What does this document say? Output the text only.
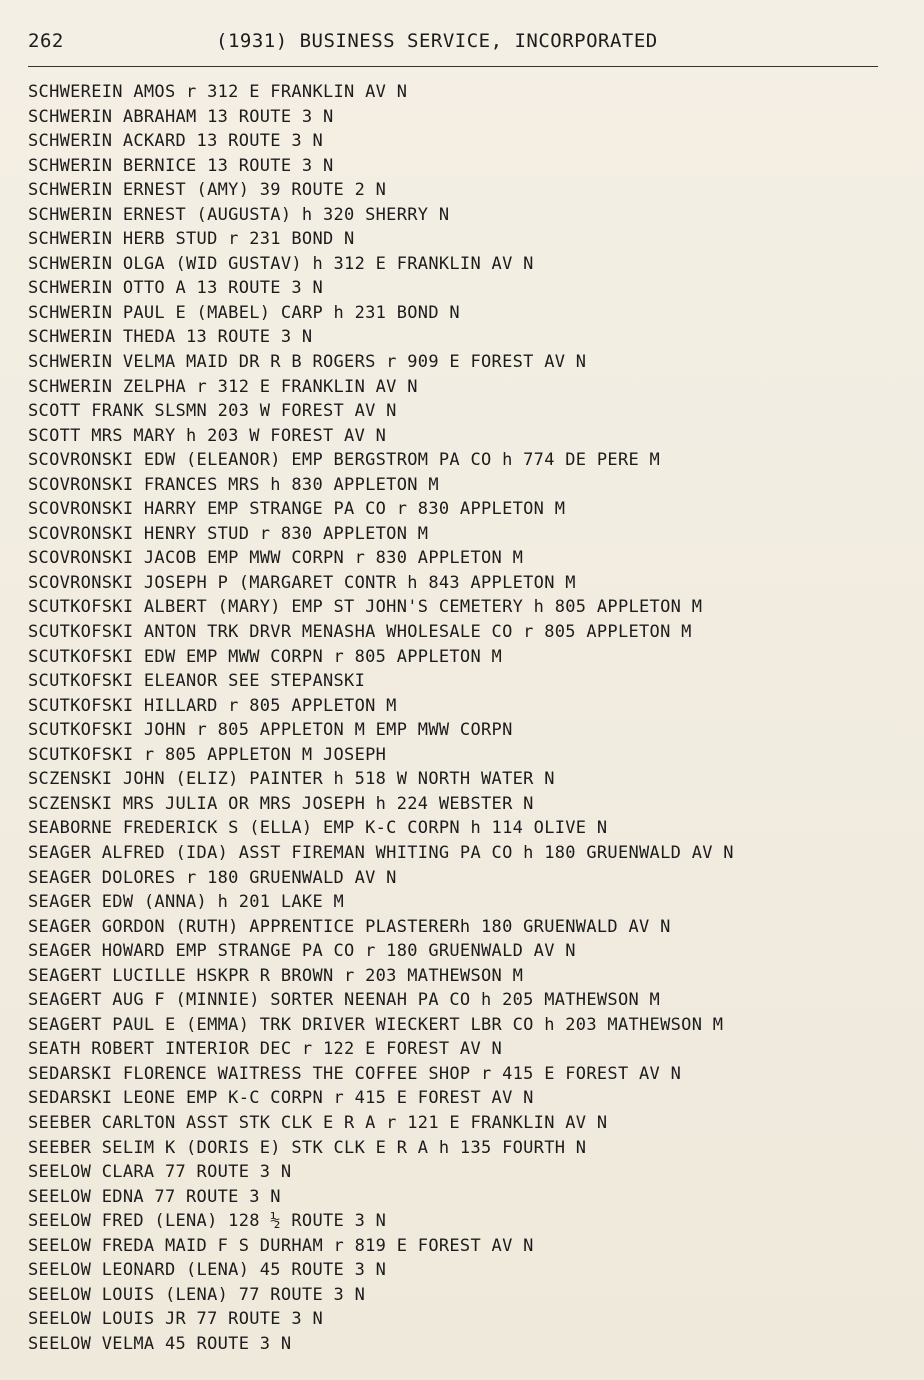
262	(1931) BUSINESS SERVICE, INCORPORATED
SCHWEREIN AMOS r 312 E FRANKLIN AV N
SCHWERIN ABRAHAM 13 ROUTE 3 N
SCHWERIN ACKARD 13 ROUTE 3 N
SCHWERIN BERNICE 13 ROUTE 3 N
SCHWERIN ERNEST (AMY) 39 ROUTE 2 N
SCHWERIN ERNEST (AUGUSTA) h 320 SHERRY N
SCHWERIN HERB STUD r 231 BOND N
SCHWERIN OLGA (WID GUSTAV) h 312 E FRANKLIN AV N
SCHWERIN OTTO A 13 ROUTE 3 N
SCHWERIN PAUL E (MABEL) CARP h 231 BOND N
SCHWERIN THEDA 13 ROUTE 3 N
SCHWERIN VELMA MAID DR R B ROGERS r 909 E FOREST AV N
SCHWERIN ZELPHA r 312 E FRANKLIN AV N
SCOTT FRANK SLSMN 203 W FOREST AV N
SCOTT MRS MARY h 203 W FOREST AV N
SCOVRONSKI EDW (ELEANOR) EMP BERGSTROM PA CO h 774 DE PERE M
SCOVRONSKI FRANCES MRS h 830 APPLETON M
SCOVRONSKI HARRY EMP STRANGE PA CO r 830 APPLETON M
SCOVRONSKI HENRY STUD r 830 APPLETON M
SCOVRONSKI JACOB EMP MWW CORPN r 830 APPLETON M
SCOVRONSKI JOSEPH P (MARGARET CONTR h 843 APPLETON M
SCUTKOFSKI ALBERT (MARY) EMP ST JOHN'S CEMETERY h 805 APPLETON M
SCUTKOFSKI ANTON TRK DRVR MENASHA WHOLESALE CO r 805 APPLETON M
SCUTKOFSKI EDW EMP MWW CORPN r 805 APPLETON M
SCUTKOFSKI ELEANOR SEE STEPANSKI
SCUTKOFSKI HILLARD r 805 APPLETON M
SCUTKOFSKI JOHN r 805 APPLETON M EMP MWW CORPN
SCUTKOFSKI r 805 APPLETON M JOSEPH
SCZENSKI JOHN (ELIZ) PAINTER h 518 W NORTH WATER N
SCZENSKI MRS JULIA OR MRS JOSEPH h 224 WEBSTER N
SEABORNE FREDERICK S (ELLA) EMP K-C CORPN h 114 OLIVE N
SEAGER ALFRED (IDA) ASST FIREMAN WHITING PA CO h 180 GRUENWALD AV N
SEAGER DOLORES r 180 GRUENWALD AV N
SEAGER EDW (ANNA) h 201 LAKE M
SEAGER GORDON (RUTH) APPRENTICE PLASTERERh 180 GRUENWALD AV N
SEAGER HOWARD EMP STRANGE PA CO r 180 GRUENWALD AV N
SEAGERT LUCILLE HSKPR R BROWN r 203 MATHEWSON M
SEAGERT AUG F (MINNIE) SORTER NEENAH PA CO h 205 MATHEWSON M
SEAGERT PAUL E (EMMA) TRK DRIVER WIECKERT LBR CO h 203 MATHEWSON M
SEATH ROBERT INTERIOR DEC r 122 E FOREST AV N
SEDARSKI FLORENCE WAITRESS THE COFFEE SHOP r 415 E FOREST AV N
SEDARSKI LEONE EMP K-C CORPN r 415 E FOREST AV N
SEEBER CARLTON ASST STK CLK E R A r 121 E FRANKLIN AV N
SEEBER SELIM K (DORIS E) STK CLK E R A h 135 FOURTH N
SEELOW CLARA 77 ROUTE 3 N
SEELOW EDNA 77 ROUTE 3 N
SEELOW FRED (LENA) 128 ½ ROUTE 3 N
SEELOW FREDA MAID F S DURHAM r 819 E FOREST AV N
SEELOW LEONARD (LENA) 45 ROUTE 3 N
SEELOW LOUIS (LENA) 77 ROUTE 3 N
SEELOW LOUIS JR 77 ROUTE 3 N
SEELOW VELMA 45 ROUTE 3 N
